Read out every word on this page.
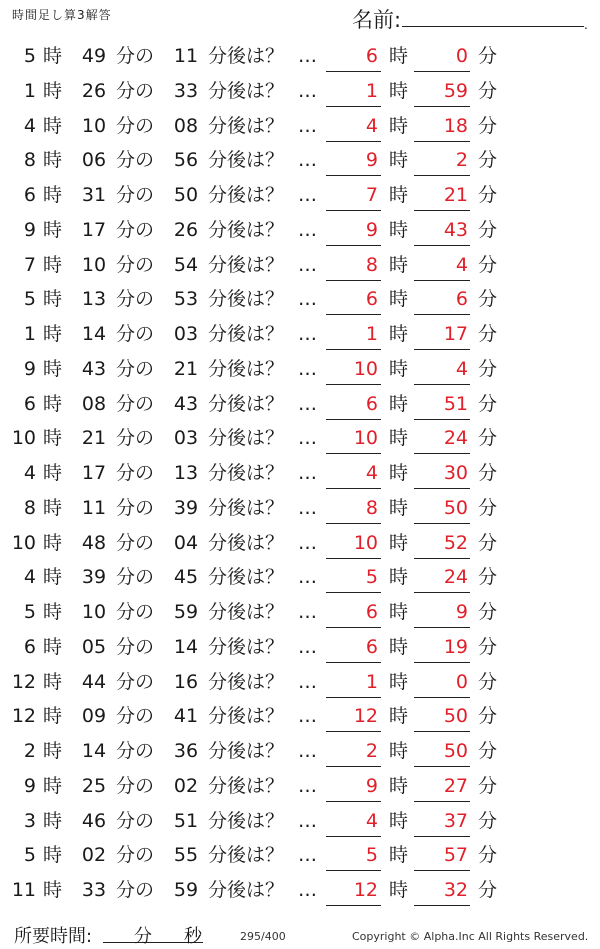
時間足し算3解答	名前:	.
5 時	49 分の	11 分後は？ …	6 時	0 分
1 時	26 分の	33 分後は？ …	1 時	59 分
4 時	10 分の	08 分後は？ …	4 時	18 分
8 時	06 分の	56 分後は？ …	9 時	2 分
6 時	31 分の	50 分後は？ …	7 時	21 分
9 時	17 分の	26 分後は？ …	9 時	43 分
7 時	10 分の	54 分後は？ …	8 時	4 分
5 時	13 分の	53 分後は？ …	6 時	6 分
1 時	14 分の	03 分後は？ …	1 時	17 分
9 時	43 分の	21 分後は？ …	10 時	4 分
6 時	08 分の	43 分後は？ …	6 時	51 分
10 時	21 分の	03 分後は？ …	10 時	24 分
4 時	17 分の	13 分後は？ …	4 時	30 分
8 時	11 分の	39 分後は？ …	8 時	50 分
10 時	48 分の	04 分後は？ …	10 時	52 分
4 時	39 分の	45 分後は？ …	5 時	24 分
5 時	10 分の	59 分後は？ …	6 時	9 分
6 時	05 分の	14 分後は？ …	6 時	19 分
12 時	44 分の	16 分後は？ …	1 時	0 分
12 時	09 分の	41 分後は？ …	12 時	50 分
2 時	14 分の	36 分後は？ …	2 時	50 分
9 時	25 分の	02 分後は？ …	9 時	27 分
3 時	46 分の	51 分後は？ …	4 時	37 分
5 時	02 分の	55 分後は？ …	5 時	57 分
11 時	33 分の	59 分後は？ …	12 時	32 分
所要時間: 分 秒	295/400	Copyright © Alpha.Inc All Rights Reserved.
